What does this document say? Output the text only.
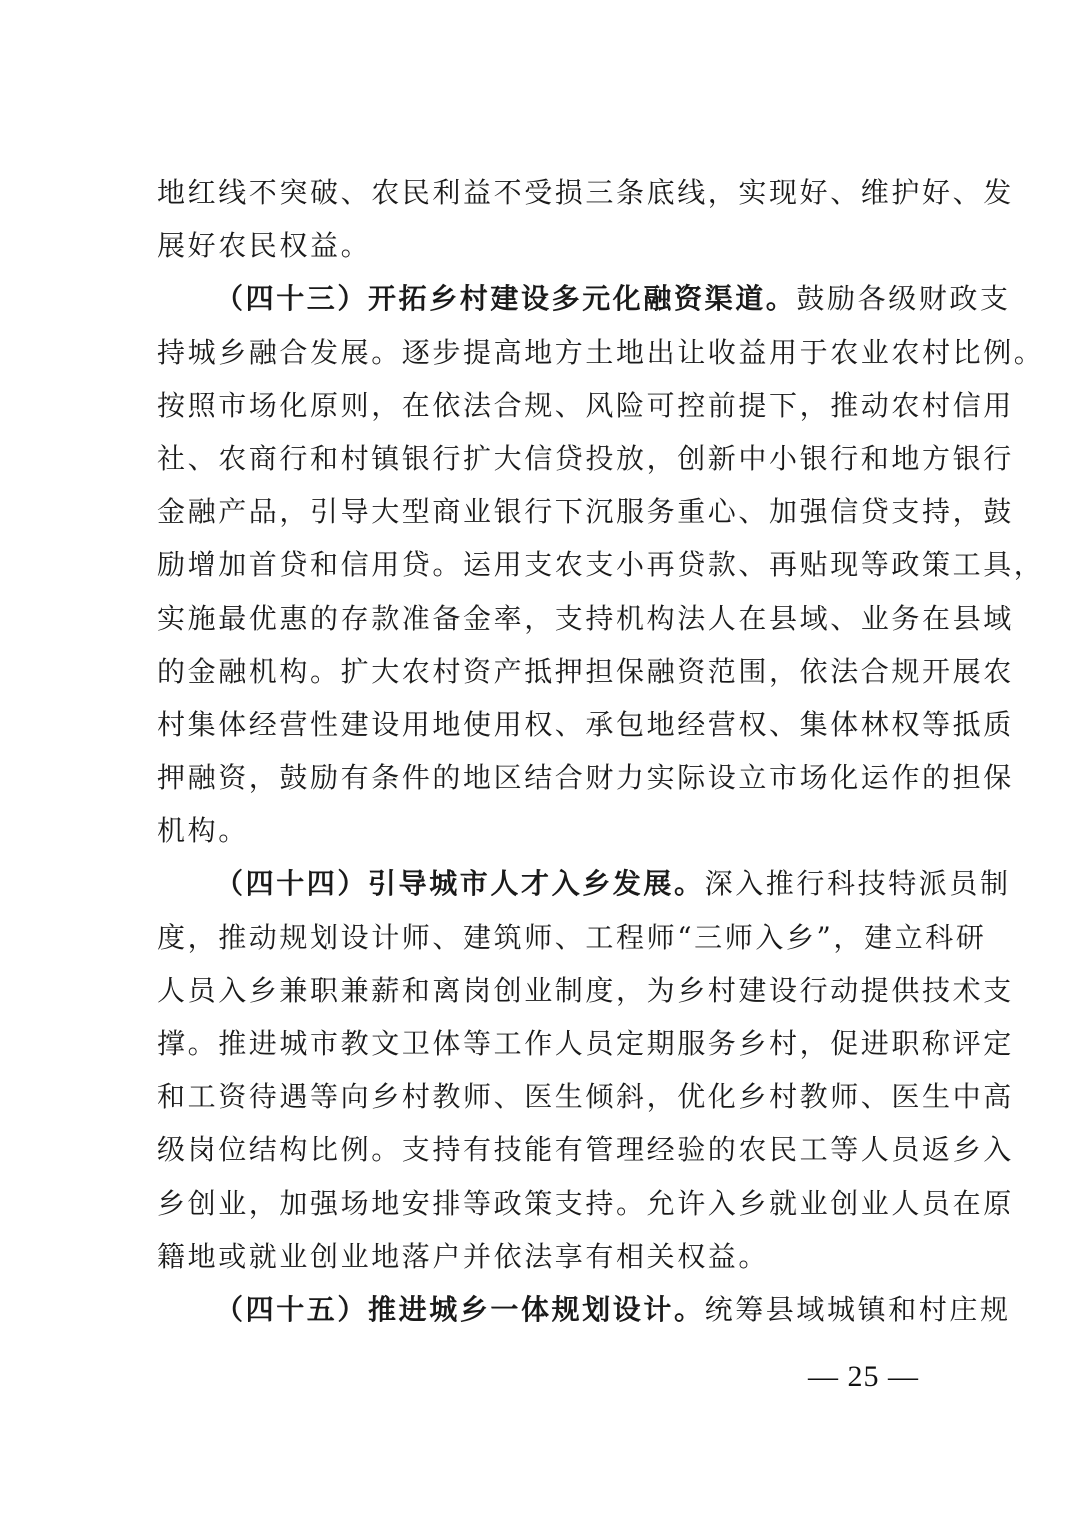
地红线不突破、农民利益不受损三条底线，实现好、维护好、发
展好农民权益。
（四十三）开拓乡村建设多元化融资渠道。鼓励各级财政支
持城乡融合发展。逐步提高地方土地出让收益用于农业农村比例。
按照市场化原则，在依法合规、风险可控前提下，推动农村信用
社、农商行和村镇银行扩大信贷投放，创新中小银行和地方银行
金融产品，引导大型商业银行下沉服务重心、加强信贷支持，鼓
励增加首贷和信用贷。运用支农支小再贷款、再贴现等政策工具，
实施最优惠的存款准备金率，支持机构法人在县域、业务在县域
的金融机构。扩大农村资产抵押担保融资范围，依法合规开展农
村集体经营性建设用地使用权、承包地经营权、集体林权等抵质
押融资，鼓励有条件的地区结合财力实际设立市场化运作的担保
机构。
（四十四）引导城市人才入乡发展。深入推行科技特派员制
度，推动规划设计师、建筑师、工程师“三师入乡”，建立科研
人员入乡兼职兼薪和离岗创业制度，为乡村建设行动提供技术支
撑。推进城市教文卫体等工作人员定期服务乡村，促进职称评定
和工资待遇等向乡村教师、医生倾斜，优化乡村教师、医生中高
级岗位结构比例。支持有技能有管理经验的农民工等人员返乡入
乡创业，加强场地安排等政策支持。允许入乡就业创业人员在原
籍地或就业创业地落户并依法享有相关权益。
（四十五）推进城乡一体规划设计。统筹县域城镇和村庄规
— 25 —
